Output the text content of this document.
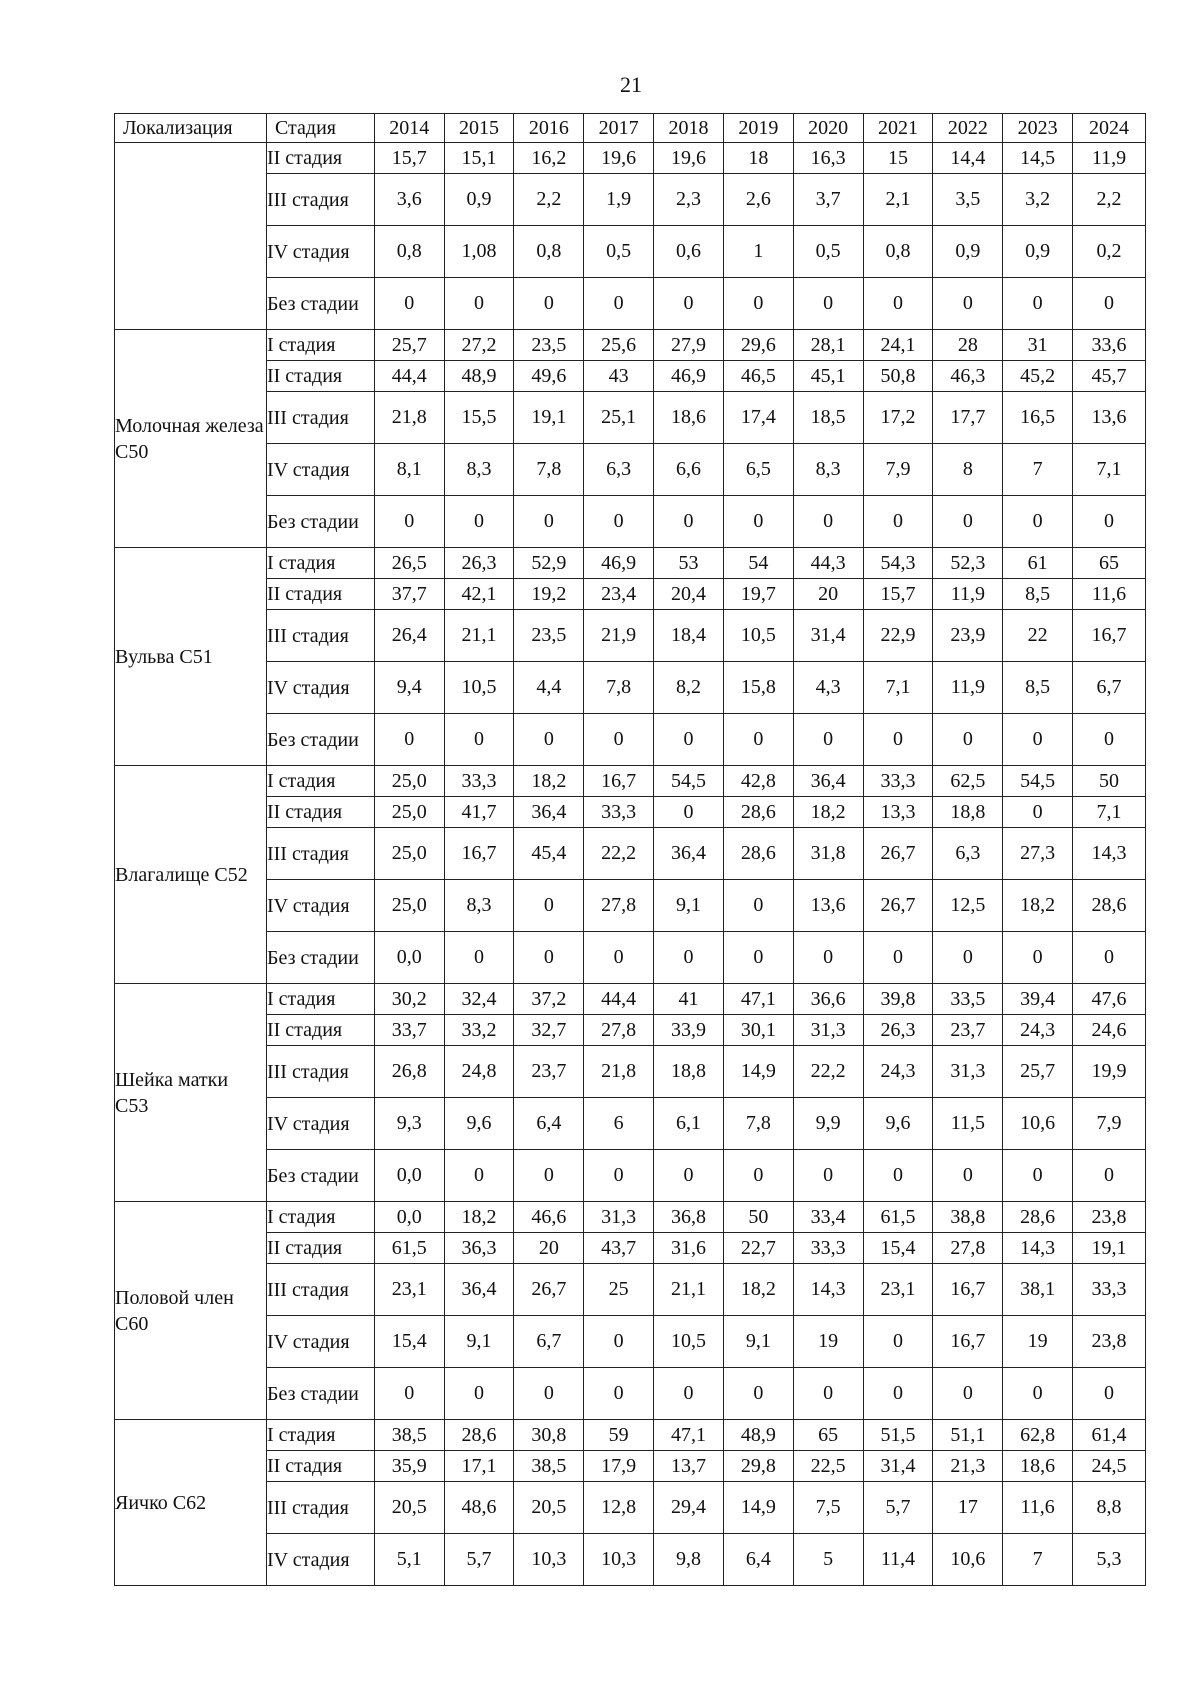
21
Локализация	Стадия	2014	2015	2016	2017	2018	2019	2020	2021	2022	2023	2024
	II стадия	15,7	15,1	16,2	19,6	19,6	18	16,3	15	14,4	14,5	11,9
	III стадия	3,6	0,9	2,2	1,9	2,3	2,6	3,7	2,1	3,5	3,2	2,2
	IV стадия	0,8	1,08	0,8	0,5	0,6	1	0,5	0,8	0,9	0,9	0,2
	Без стадии	0	0	0	0	0	0	0	0	0	0	0
Молочная железа С50	I стадия	25,7	27,2	23,5	25,6	27,9	29,6	28,1	24,1	28	31	33,6
	II стадия	44,4	48,9	49,6	43	46,9	46,5	45,1	50,8	46,3	45,2	45,7
	III стадия	21,8	15,5	19,1	25,1	18,6	17,4	18,5	17,2	17,7	16,5	13,6
	IV стадия	8,1	8,3	7,8	6,3	6,6	6,5	8,3	7,9	8	7	7,1
	Без стадии	0	0	0	0	0	0	0	0	0	0	0
Вульва С51	I стадия	26,5	26,3	52,9	46,9	53	54	44,3	54,3	52,3	61	65
	II стадия	37,7	42,1	19,2	23,4	20,4	19,7	20	15,7	11,9	8,5	11,6
	III стадия	26,4	21,1	23,5	21,9	18,4	10,5	31,4	22,9	23,9	22	16,7
	IV стадия	9,4	10,5	4,4	7,8	8,2	15,8	4,3	7,1	11,9	8,5	6,7
	Без стадии	0	0	0	0	0	0	0	0	0	0	0
Влагалище С52	I стадия	25,0	33,3	18,2	16,7	54,5	42,8	36,4	33,3	62,5	54,5	50
	II стадия	25,0	41,7	36,4	33,3	0	28,6	18,2	13,3	18,8	0	7,1
	III стадия	25,0	16,7	45,4	22,2	36,4	28,6	31,8	26,7	6,3	27,3	14,3
	IV стадия	25,0	8,3	0	27,8	9,1	0	13,6	26,7	12,5	18,2	28,6
	Без стадии	0,0	0	0	0	0	0	0	0	0	0	0
Шейка матки С53	I стадия	30,2	32,4	37,2	44,4	41	47,1	36,6	39,8	33,5	39,4	47,6
	II стадия	33,7	33,2	32,7	27,8	33,9	30,1	31,3	26,3	23,7	24,3	24,6
	III стадия	26,8	24,8	23,7	21,8	18,8	14,9	22,2	24,3	31,3	25,7	19,9
	IV стадия	9,3	9,6	6,4	6	6,1	7,8	9,9	9,6	11,5	10,6	7,9
	Без стадии	0,0	0	0	0	0	0	0	0	0	0	0
Половой член С60	I стадия	0,0	18,2	46,6	31,3	36,8	50	33,4	61,5	38,8	28,6	23,8
	II стадия	61,5	36,3	20	43,7	31,6	22,7	33,3	15,4	27,8	14,3	19,1
	III стадия	23,1	36,4	26,7	25	21,1	18,2	14,3	23,1	16,7	38,1	33,3
	IV стадия	15,4	9,1	6,7	0	10,5	9,1	19	0	16,7	19	23,8
	Без стадии	0	0	0	0	0	0	0	0	0	0	0
Яичко С62	I стадия	38,5	28,6	30,8	59	47,1	48,9	65	51,5	51,1	62,8	61,4
	II стадия	35,9	17,1	38,5	17,9	13,7	29,8	22,5	31,4	21,3	18,6	24,5
	III стадия	20,5	48,6	20,5	12,8	29,4	14,9	7,5	5,7	17	11,6	8,8
	IV стадия	5,1	5,7	10,3	10,3	9,8	6,4	5	11,4	10,6	7	5,3
